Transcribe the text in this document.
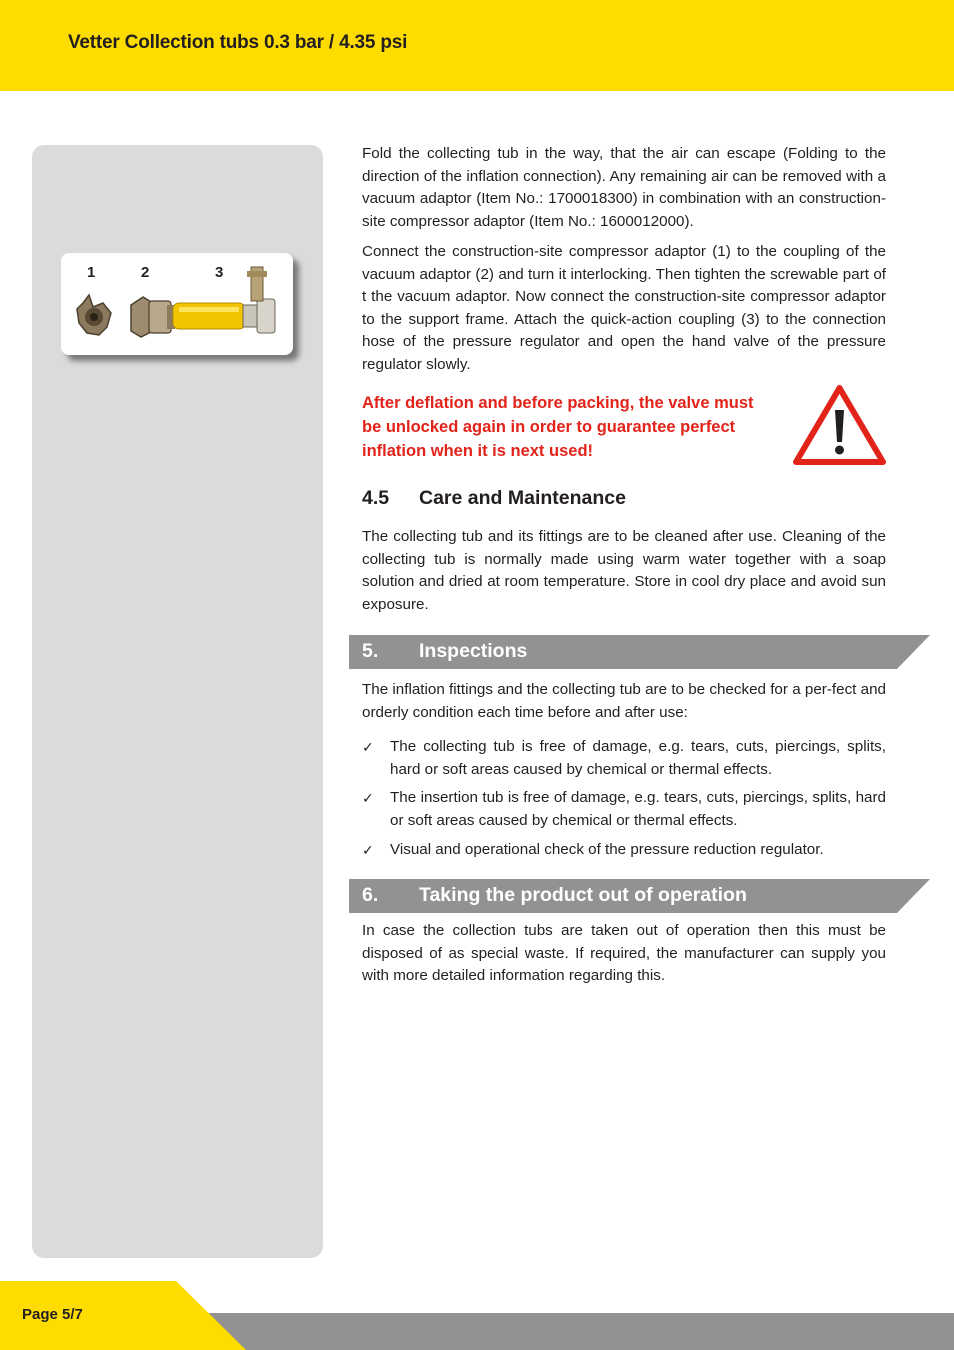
Vetter Collection tubs 0.3 bar / 4.35 psi
1	2	3

Fold the collecting tub in the way, that the air can escape (Folding to the direction of the inflation connection). Any remaining air can be removed with a vacuum adaptor (Item No.: 1700018300) in combination with an construction-site compressor adaptor (Item No.: 1600012000).

Connect the construction-site compressor adaptor (1) to the coupling of the vacuum adaptor (2) and turn it interlocking. Then tighten the screwable part of t the vacuum adaptor. Now connect the construction-site compressor adaptor to the support frame. Attach the quick-action coupling (3) to the connection hose of the pressure regulator and open the hand valve of the pressure regulator slowly.

After deflation and before packing, the valve must be unlocked again in order to guarantee perfect inflation when it is next used!
4.5 Care and Maintenance

The collecting tub and its fittings are to be cleaned after use. Cleaning of the collecting tub is normally made using warm water together with a soap solution and dried at room temperature. Store in cool dry place and avoid sun exposure.

5. Inspections

The inflation fittings and the collecting tub are to be checked for a per-fect and orderly condition each time before and after use:

✓ The collecting tub is free of damage, e.g. tears, cuts, piercings, splits, hard or soft areas caused by chemical or thermal effects.
✓ The insertion tub is free of damage, e.g. tears, cuts, piercings, splits, hard or soft areas caused by chemical or thermal effects.
✓ Visual and operational check of the pressure reduction regulator.
6. Taking the product out of operation

In case the collection tubs are taken out of operation then this must be disposed of as special waste. If required, the manufacturer can supply you with more detailed information regarding this.

Page 5/7
